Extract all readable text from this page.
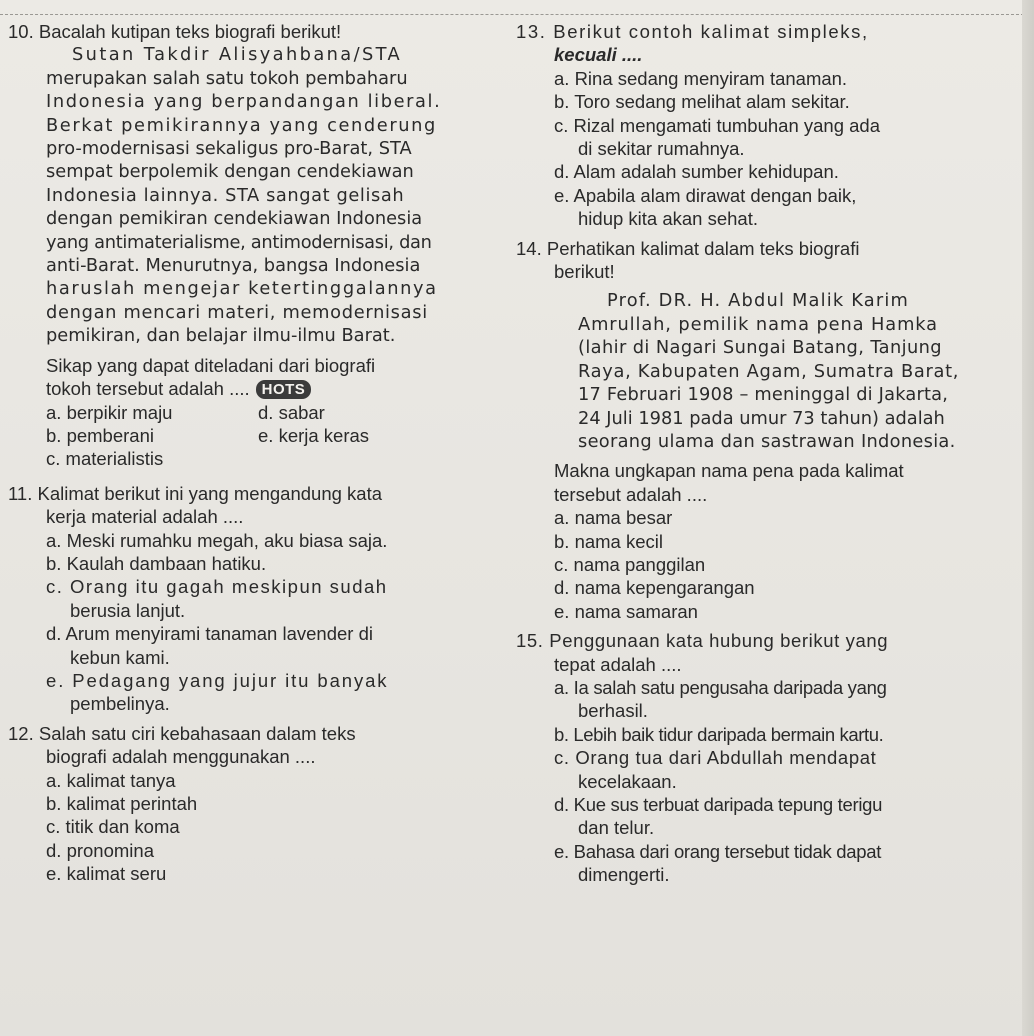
10. Bacalah kutipan teks biografi berikut!
Sutan Takdir Alisyahbana/STA
merupakan salah satu tokoh pembaharu
Indonesia yang berpandangan liberal.
Berkat pemikirannya yang cenderung
pro-modernisasi sekaligus pro-Barat, STA
sempat berpolemik dengan cendekiawan
Indonesia lainnya. STA sangat gelisah
dengan pemikiran cendekiawan Indonesia
yang antimaterialisme, antimodernisasi, dan
anti-Barat. Menurutnya, bangsa Indonesia
haruslah mengejar ketertinggalannya
dengan mencari materi, memodernisasi
pemikiran, dan belajar ilmu-ilmu Barat.
Sikap yang dapat diteladani dari biografi
tokoh tersebut adalah .... HOTS
a. berpikir maju	d. sabar
b. pemberani	e. kerja keras
c. materialistis
11. Kalimat berikut ini yang mengandung kata
kerja material adalah ....
a. Meski rumahku megah, aku biasa saja.
b. Kaulah dambaan hatiku.
c. Orang itu gagah meskipun sudah
berusia lanjut.
d. Arum menyirami tanaman lavender di
kebun kami.
e. Pedagang yang jujur itu banyak
pembelinya.
12. Salah satu ciri kebahasaan dalam teks
biografi adalah menggunakan ....
a. kalimat tanya
b. kalimat perintah
c. titik dan koma
d. pronomina
e. kalimat seru
13. Berikut contoh kalimat simpleks,
kecuali ....
a. Rina sedang menyiram tanaman.
b. Toro sedang melihat alam sekitar.
c. Rizal mengamati tumbuhan yang ada
di sekitar rumahnya.
d. Alam adalah sumber kehidupan.
e. Apabila alam dirawat dengan baik,
hidup kita akan sehat.
14. Perhatikan kalimat dalam teks biografi
berikut!
Prof. DR. H. Abdul Malik Karim
Amrullah, pemilik nama pena Hamka
(lahir di Nagari Sungai Batang, Tanjung
Raya, Kabupaten Agam, Sumatra Barat,
17 Februari 1908 – meninggal di Jakarta,
24 Juli 1981 pada umur 73 tahun) adalah
seorang ulama dan sastrawan Indonesia.
Makna ungkapan nama pena pada kalimat
tersebut adalah ....
a. nama besar
b. nama kecil
c. nama panggilan
d. nama kepengarangan
e. nama samaran
15. Penggunaan kata hubung berikut yang
tepat adalah ....
a. Ia salah satu pengusaha daripada yang
berhasil.
b. Lebih baik tidur daripada bermain kartu.
c. Orang tua dari Abdullah mendapat
kecelakaan.
d. Kue sus terbuat daripada tepung terigu
dan telur.
e. Bahasa dari orang tersebut tidak dapat
dimengerti.
